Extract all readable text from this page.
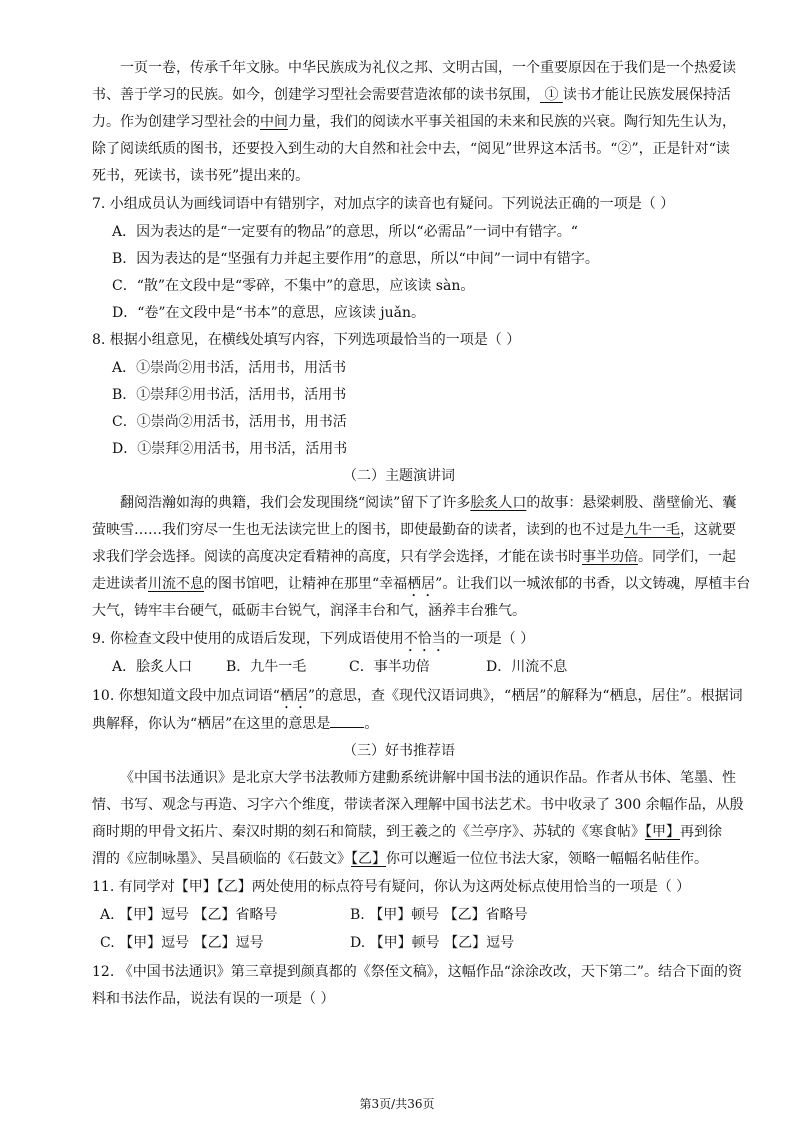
一页一卷，传承千年文脉。中华民族成为礼仪之邦、文明古国，一个重要原因在于我们是一个热爱读
书、善于学习的民族。如今，创建学习型社会需要营造浓郁的读书氛围， ① 读书才能让民族发展保持活
力。作为创建学习型社会的中间力量，我们的阅读水平事关祖国的未来和民族的兴衰。陶行知先生认为，
除了阅读纸质的图书，还要投入到生动的大自然和社会中去，“阅见”世界这本活书。“②”，正是针对“读
死书，死读书，读书死”提出来的。
7. 小组成员认为画线词语中有错别字，对加点字的读音也有疑问。下列说法正确的一项是（ ）
A．因为表达的是“一定要有的物品”的意思，所以“必需品”一词中有错字。“
B．因为表达的是“坚强有力并起主要作用”的意思，所以“中间”一词中有错字。
C．“散”在文段中是“零碎，不集中”的意思，应该读 sàn。
D．“卷”在文段中是“书本”的意思，应该读 juǎn。
8. 根据小组意见，在横线处填写内容，下列选项最恰当的一项是（ ）
A．①崇尚②用书活，活用书，用活书
B．①崇拜②用书活，活用书，活用书
C．①崇尚②用活书，活用书，用书活
D．①崇拜②用活书，用书活，活用书
（二）主题演讲词
翻阅浩瀚如海的典籍，我们会发现围绕“阅读”留下了许多脍炙人口的故事：悬梁刺股、凿壁偷光、囊
萤映雪……我们穷尽一生也无法读完世上的图书，即使最勤奋的读者，读到的也不过是九牛一毛，这就要
求我们学会选择。阅读的高度决定看精神的高度，只有学会选择，才能在读书时事半功倍。同学们，一起
走进读者川流不息的图书馆吧，让精神在那里“幸福栖居”。让我们以一城浓郁的书香，以文铸魂，厚植丰台
大气，铸牢丰台硬气，砥砺丰台锐气，润泽丰台和气，涵养丰台雅气。
9. 你检查文段中使用的成语后发现，下列成语使用不恰当的一项是（ ）
A．脍炙人口 B．九牛一毛	C．事半功倍	D．川流不息
10. 你想知道文段中加点词语“栖居”的意思，查《现代汉语词典》，“栖居”的解释为“栖息，居住”。根据词
典解释，你认为“栖居”在这里的意思是 。
（三）好书推荐语
《中国书法通识》是北京大学书法教师方建勳系统讲解中国书法的通识作品。作者从书体、笔墨、性
情、书写、观念与再造、习字六个维度，带读者深入理解中国书法艺术。书中收录了 300 余幅作品，从殷
商时期的甲骨文拓片、秦汉时期的刻石和简牍，到王羲之的《兰亭序》、苏轼的《寒食帖》【甲】再到徐
渭的《应制咏墨》、吴昌硕临的《石鼓文》【乙】你可以邂逅一位位书法大家，领略一幅幅名帖佳作。
11. 有同学对【甲】【乙】两处使用的标点符号有疑问，你认为这两处标点使用恰当的一项是（ ）
A. 【甲】逗号 【乙】省略号	B. 【甲】顿号 【乙】省略号
C. 【甲】逗号 【乙】逗号	D. 【甲】顿号 【乙】逗号
12. 《中国书法通识》第三章提到颜真都的《祭侄文稿》，这幅作品“涂涂改改，天下第二”。结合下面的资
料和书法作品，说法有误的一项是（ ）
第3页/共36页
